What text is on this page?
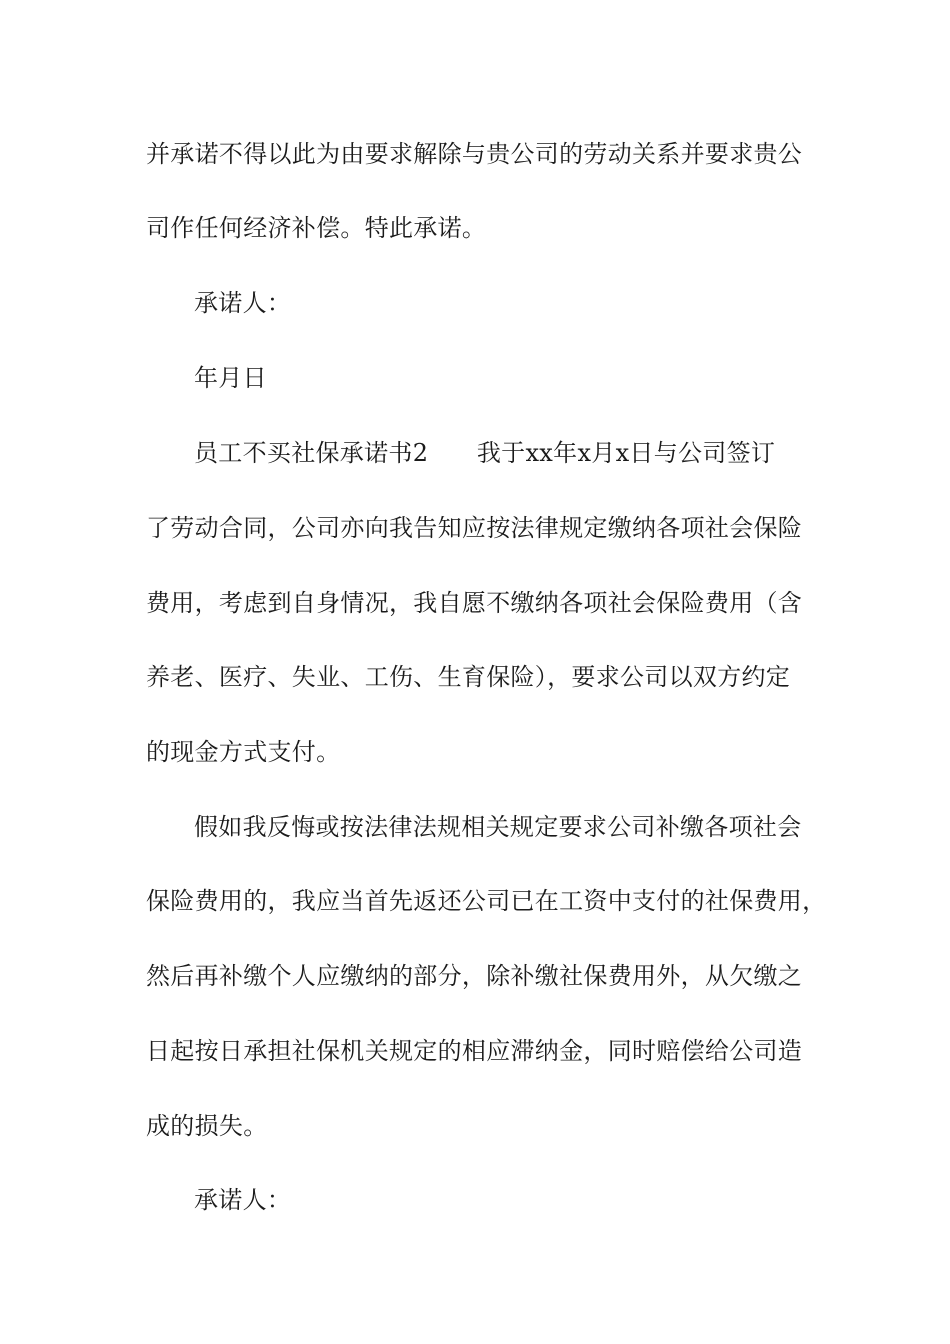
并承诺不得以此为由要求解除与贵公司的劳动关系并要求贵公
司作任何经济补偿。特此承诺。
承诺人：
年月日
员工不买社保承诺书2　　我于xx年x月x日与公司签订
了劳动合同，公司亦向我告知应按法律规定缴纳各项社会保险
费用，考虑到自身情况，我自愿不缴纳各项社会保险费用（含
养老、医疗、失业、工伤、生育保险），要求公司以双方约定
的现金方式支付。
假如我反悔或按法律法规相关规定要求公司补缴各项社会
保险费用的，我应当首先返还公司已在工资中支付的社保费用，
然后再补缴个人应缴纳的部分，除补缴社保费用外，从欠缴之
日起按日承担社保机关规定的相应滞纳金，同时赔偿给公司造
成的损失。
承诺人：
